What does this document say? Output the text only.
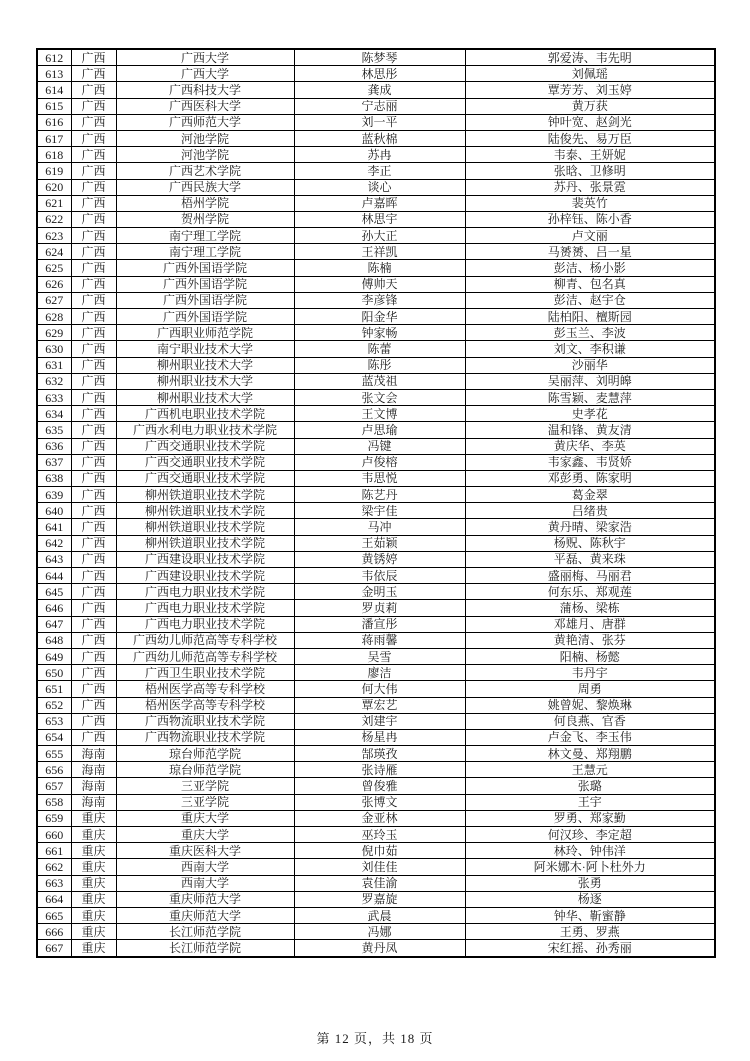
612	广西	广西大学	陈梦琴	郭爱涛、韦先明
613	广西	广西大学	林思彤	刘佩瑶
614	广西	广西科技大学	龚成	覃芳芳、刘玉婷
615	广西	广西医科大学	宁志丽	黄万获
616	广西	广西师范大学	刘一平	钟叶宽、赵剑光
617	广西	河池学院	蓝秋棉	陆俊先、易万臣
618	广西	河池学院	苏冉	韦泰、王妍妮
619	广西	广西艺术学院	李正	张晗、卫修明
620	广西	广西民族大学	谈心	苏丹、张景霓
621	广西	梧州学院	卢嘉晖	裴英竹
622	广西	贺州学院	林思宇	孙梓钰、陈小香
623	广西	南宁理工学院	孙大正	卢文丽
624	广西	南宁理工学院	王祥凯	马赟赟、吕一星
625	广西	广西外国语学院	陈楠	彭洁、杨小影
626	广西	广西外国语学院	傅帅天	柳青、包名真
627	广西	广西外国语学院	李彦锋	彭洁、赵宇仓
628	广西	广西外国语学院	阳金华	陆柏阳、檀斯园
629	广西	广西职业师范学院	钟家畅	彭玉兰、李波
630	广西	南宁职业技术大学	陈蕾	刘文、李积谦
631	广西	柳州职业技术大学	陈彤	沙丽华
632	广西	柳州职业技术大学	蓝茂祖	吴丽萍、刘明皞
633	广西	柳州职业技术大学	张文会	陈雪颖、麦慧萍
634	广西	广西机电职业技术学院	王文博	史孝花
635	广西	广西水利电力职业技术学院	卢思瑜	温和锋、黄友清
636	广西	广西交通职业技术学院	冯键	黄庆华、李英
637	广西	广西交通职业技术学院	卢俊榕	韦家鑫、韦贤娇
638	广西	广西交通职业技术学院	韦思悦	邓彭勇、陈家明
639	广西	柳州铁道职业技术学院	陈艺丹	葛金翠
640	广西	柳州铁道职业技术学院	梁宇佳	吕绪贵
641	广西	柳州铁道职业技术学院	马冲	黄丹晴、梁家浩
642	广西	柳州铁道职业技术学院	王茹颖	杨贶、陈秋宇
643	广西	广西建设职业技术学院	黄锈婷	平磊、黄来珠
644	广西	广西建设职业技术学院	韦依辰	盛丽梅、马丽君
645	广西	广西电力职业技术学院	金明玉	何东乐、郑观莲
646	广西	广西电力职业技术学院	罗贞莉	蒲杨、梁栋
647	广西	广西电力职业技术学院	潘宣彤	邓雄月、唐群
648	广西	广西幼儿师范高等专科学校	蒋雨馨	黄艳清、张芬
649	广西	广西幼儿师范高等专科学校	吴雪	阳楠、杨懿
650	广西	广西卫生职业技术学院	廖洁	韦丹宇
651	广西	梧州医学高等专科学校	何大伟	周勇
652	广西	梧州医学高等专科学校	覃宏艺	姚曾妮、黎焕琳
653	广西	广西物流职业技术学院	刘建宇	何良燕、官香
654	广西	广西物流职业技术学院	杨星冉	卢金飞、李玉伟
655	海南	琼台师范学院	郜瑛孜	林文曼、郑翔鹏
656	海南	琼台师范学院	张诗雁	王慧元
657	海南	三亚学院	曾俊雅	张璐
658	海南	三亚学院	张博文	王宇
659	重庆	重庆大学	金亚林	罗勇、郑家勤
660	重庆	重庆大学	巫玲玉	何汉珍、李定超
661	重庆	重庆医科大学	倪巾茹	林玲、钟伟洋
662	重庆	西南大学	刘佳佳	阿米娜木·阿卜杜外力
663	重庆	西南大学	袁佳渝	张勇
664	重庆	重庆师范大学	罗嘉旋	杨逐
665	重庆	重庆师范大学	武晨	钟华、靳蜜静
666	重庆	长江师范学院	冯娜	王勇、罗燕
667	重庆	长江师范学院	黄丹凤	宋红摇、孙秀丽
第 12 页，共 18 页
